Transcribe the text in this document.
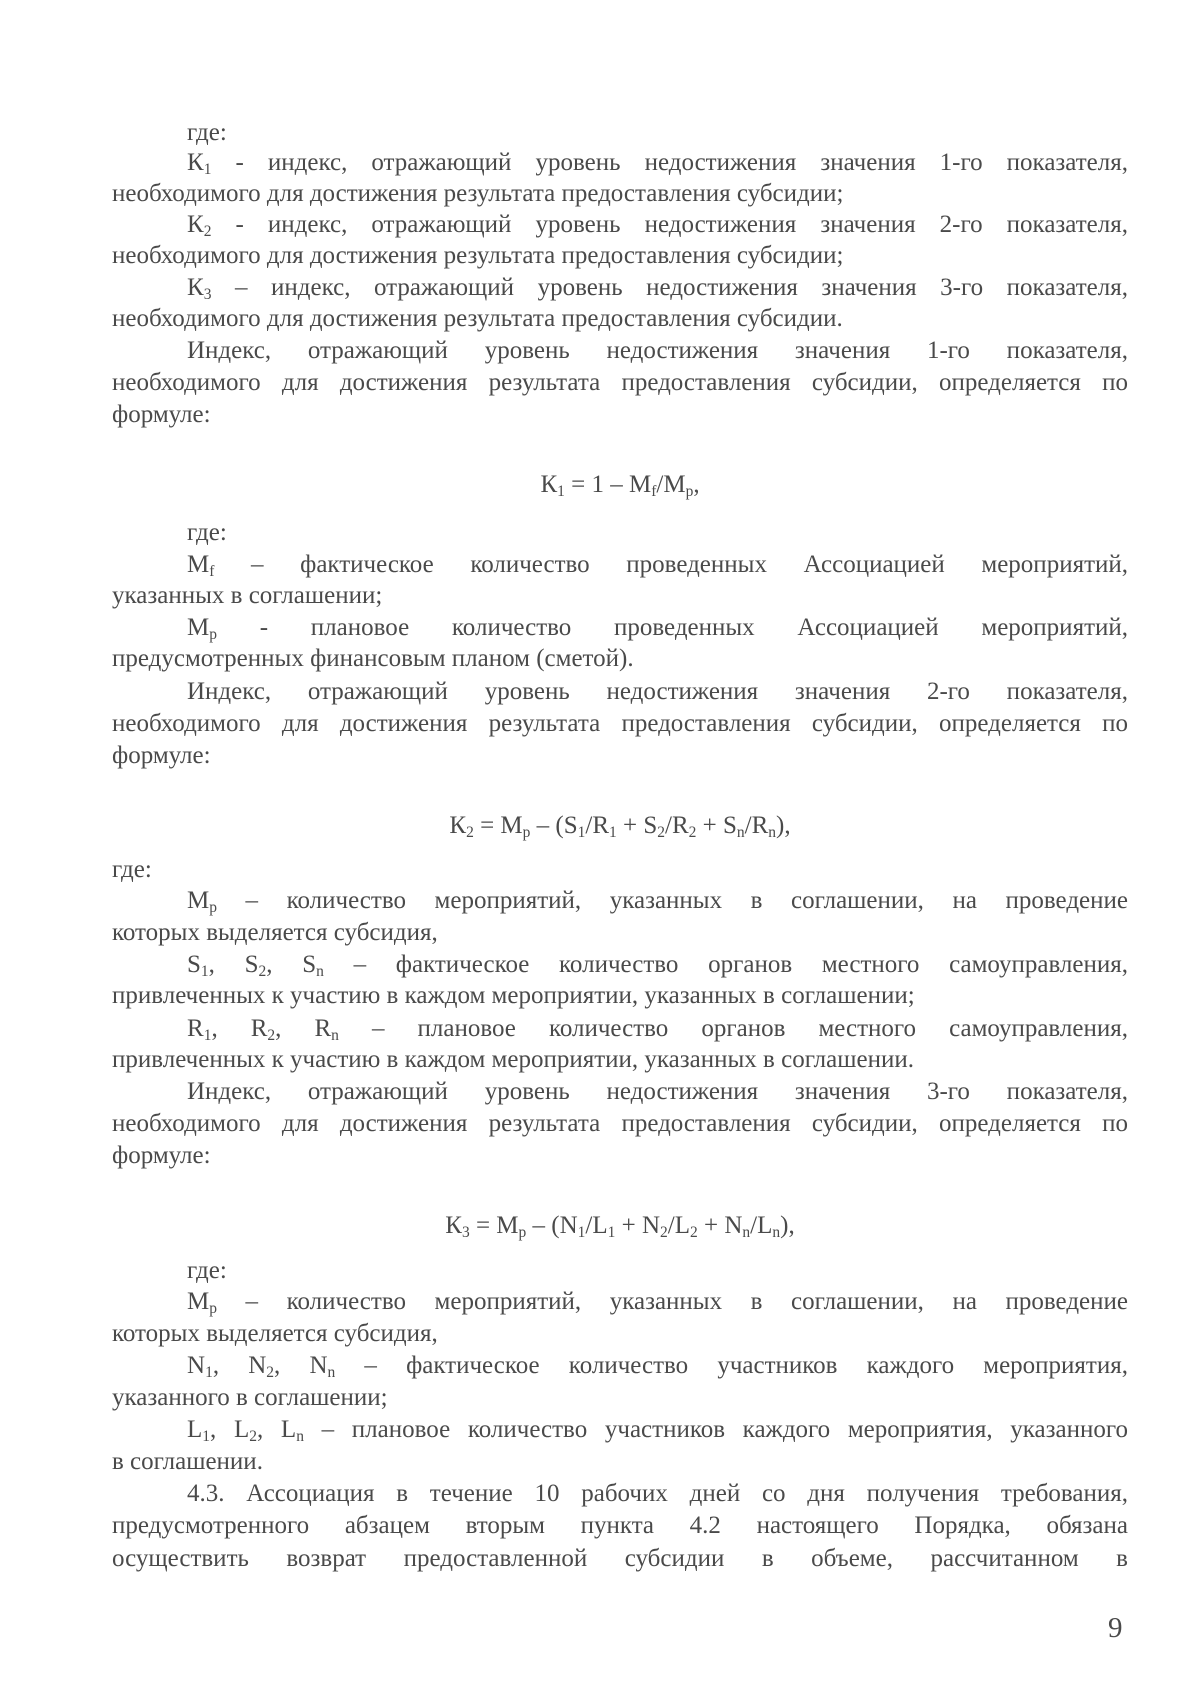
где:
$К_1$ - индекс, отражающий уровень недостижения значения 1-го показателя,
необходимого для достижения результата предоставления субсидии;
$К_2$ - индекс, отражающий уровень недостижения значения 2-го показателя,
необходимого для достижения результата предоставления субсидии;
$К_3$ – индекс, отражающий уровень недостижения значения 3-го показателя,
необходимого для достижения результата предоставления субсидии.
Индекс, отражающий уровень недостижения значения 1-го показателя,
необходимого для достижения результата предоставления субсидии, определяется по
формуле:
$К_1 = 1 - M_f/M_p$,
где:
$M_f$ – фактическое количество проведенных Ассоциацией мероприятий,
указанных в соглашении;
$M_p$ - плановое количество проведенных Ассоциацией мероприятий,
предусмотренных финансовым планом (сметой).
Индекс, отражающий уровень недостижения значения 2-го показателя,
необходимого для достижения результата предоставления субсидии, определяется по
формуле:
$К_2 = M_p - (S_1/R_1 + S_2/R_2 + S_n/R_n)$,
где:
$M_p$ – количество мероприятий, указанных в соглашении, на проведение
которых выделяется субсидия,
$S_1$, $S_2$, $S_n$ – фактическое количество органов местного самоуправления,
привлеченных к участию в каждом мероприятии, указанных в соглашении;
$R_1$, $R_2$, $R_n$ – плановое количество органов местного самоуправления,
привлеченных к участию в каждом мероприятии, указанных в соглашении.
Индекс, отражающий уровень недостижения значения 3-го показателя,
необходимого для достижения результата предоставления субсидии, определяется по
формуле:
$К_3 = M_p - (N_1/L_1 + N_2/L_2 + N_n/L_n)$,
где:
$M_p$ – количество мероприятий, указанных в соглашении, на проведение
которых выделяется субсидия,
$N_1$, $N_2$, $N_n$ – фактическое количество участников каждого мероприятия,
указанного в соглашении;
$L_1$, $L_2$, $L_n$ – плановое количество участников каждого мероприятия, указанного
в соглашении.
4.3. Ассоциация в течение 10 рабочих дней со дня получения требования,
предусмотренного абзацем вторым пункта 4.2 настоящего Порядка, обязана
осуществить возврат предоставленной субсидии в объеме, рассчитанном в
9
